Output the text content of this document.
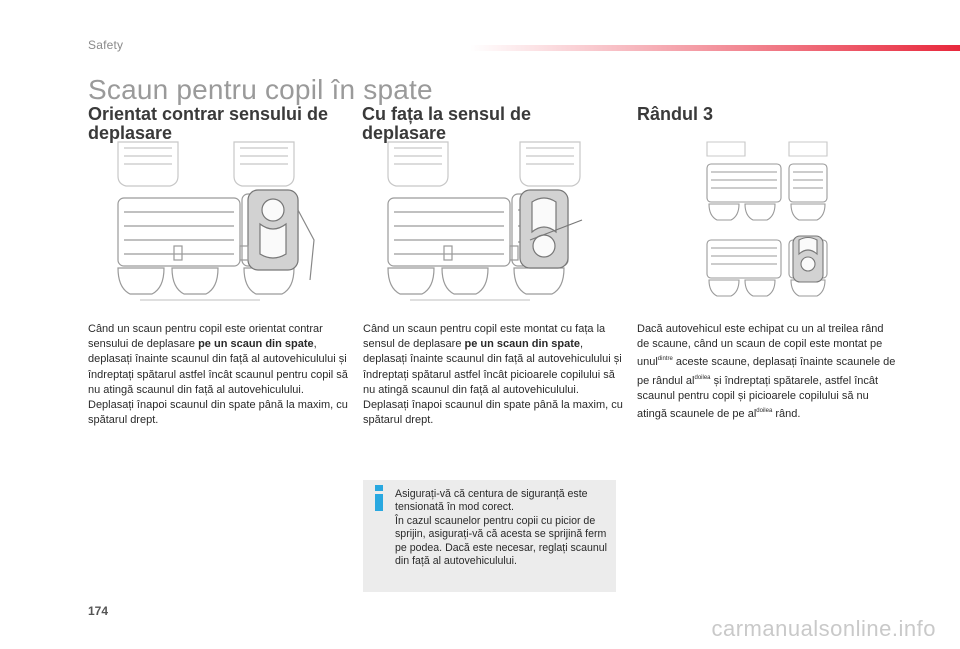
Safety
Scaun pentru copil în spate
Orientat contrar sensului de deplasare
Când un scaun pentru copil este orientat contrar sensului de deplasare pe un scaun din spate, deplasați înainte scaunul din față al autovehiculului și îndreptați spătarul astfel încât scaunul pentru copil să nu atingă scaunul din față al autovehiculului.
Deplasați înapoi scaunul din spate până la maxim, cu spătarul drept.
Cu fața la sensul de deplasare
Când un scaun pentru copil este montat cu fața la sensul de deplasare pe un scaun din spate, deplasați înainte scaunul din față al autovehiculului și îndreptați spătarul astfel încât picioarele copilului să nu atingă scaunul din față al autovehiculului.
Deplasați înapoi scaunul din spate până la maxim, cu spătarul drept.
Rândul 3
Dacă autovehicul este echipat cu un al treilea rând de scaune, când un scaun de copil este montat pe unul$^{dintre}$ aceste scaune, deplasați înainte scaunele de pe rândul $al^{doilea}$ și îndreptați spătarele, astfel încât scaunul pentru copil și picioarele copilului să nu atingă scaunele de pe $al^{doilea}$ rând.
Asigurați-vă că centura de siguranță este tensionată în mod corect.
În cazul scaunelor pentru copii cu picior de sprijin, asigurați-vă că acesta se sprijină ferm pe podea. Dacă este necesar, reglați scaunul din față al autovehiculului.
174
carmanualsonline.info
